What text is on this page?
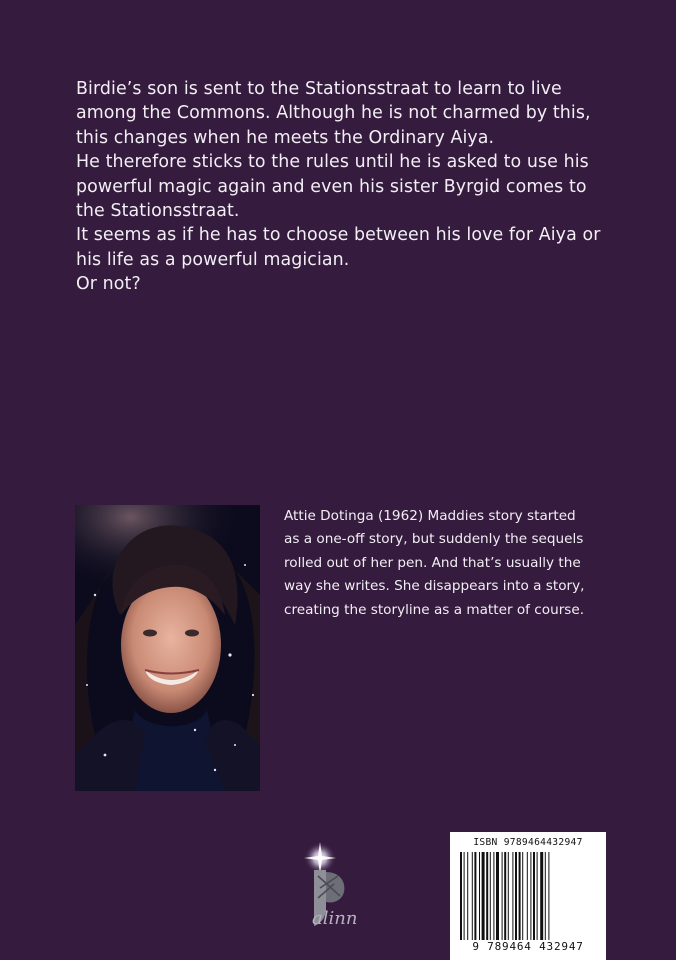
Birdie’s son is sent to the Stationsstraat to learn to live

among the Commons. Although he is not charmed by this,

this changes when he meets the Ordinary Aiya.

He therefore sticks to the rules until he is asked to use his

powerful magic again and even his sister Byrgid comes to

the Stationsstraat.

It seems as if he has to choose between his love for Aiya or

his life as a powerful magician.

Or not?

Attie Dotinga (1962) Maddies story started

as a one-off story, but suddenly the sequels

rolled out of her pen. And that’s usually the

way she writes. She disappears into a story,

creating the storyline as a matter of course.

alinn
ISBN 9789464432947
9 789464 432947
